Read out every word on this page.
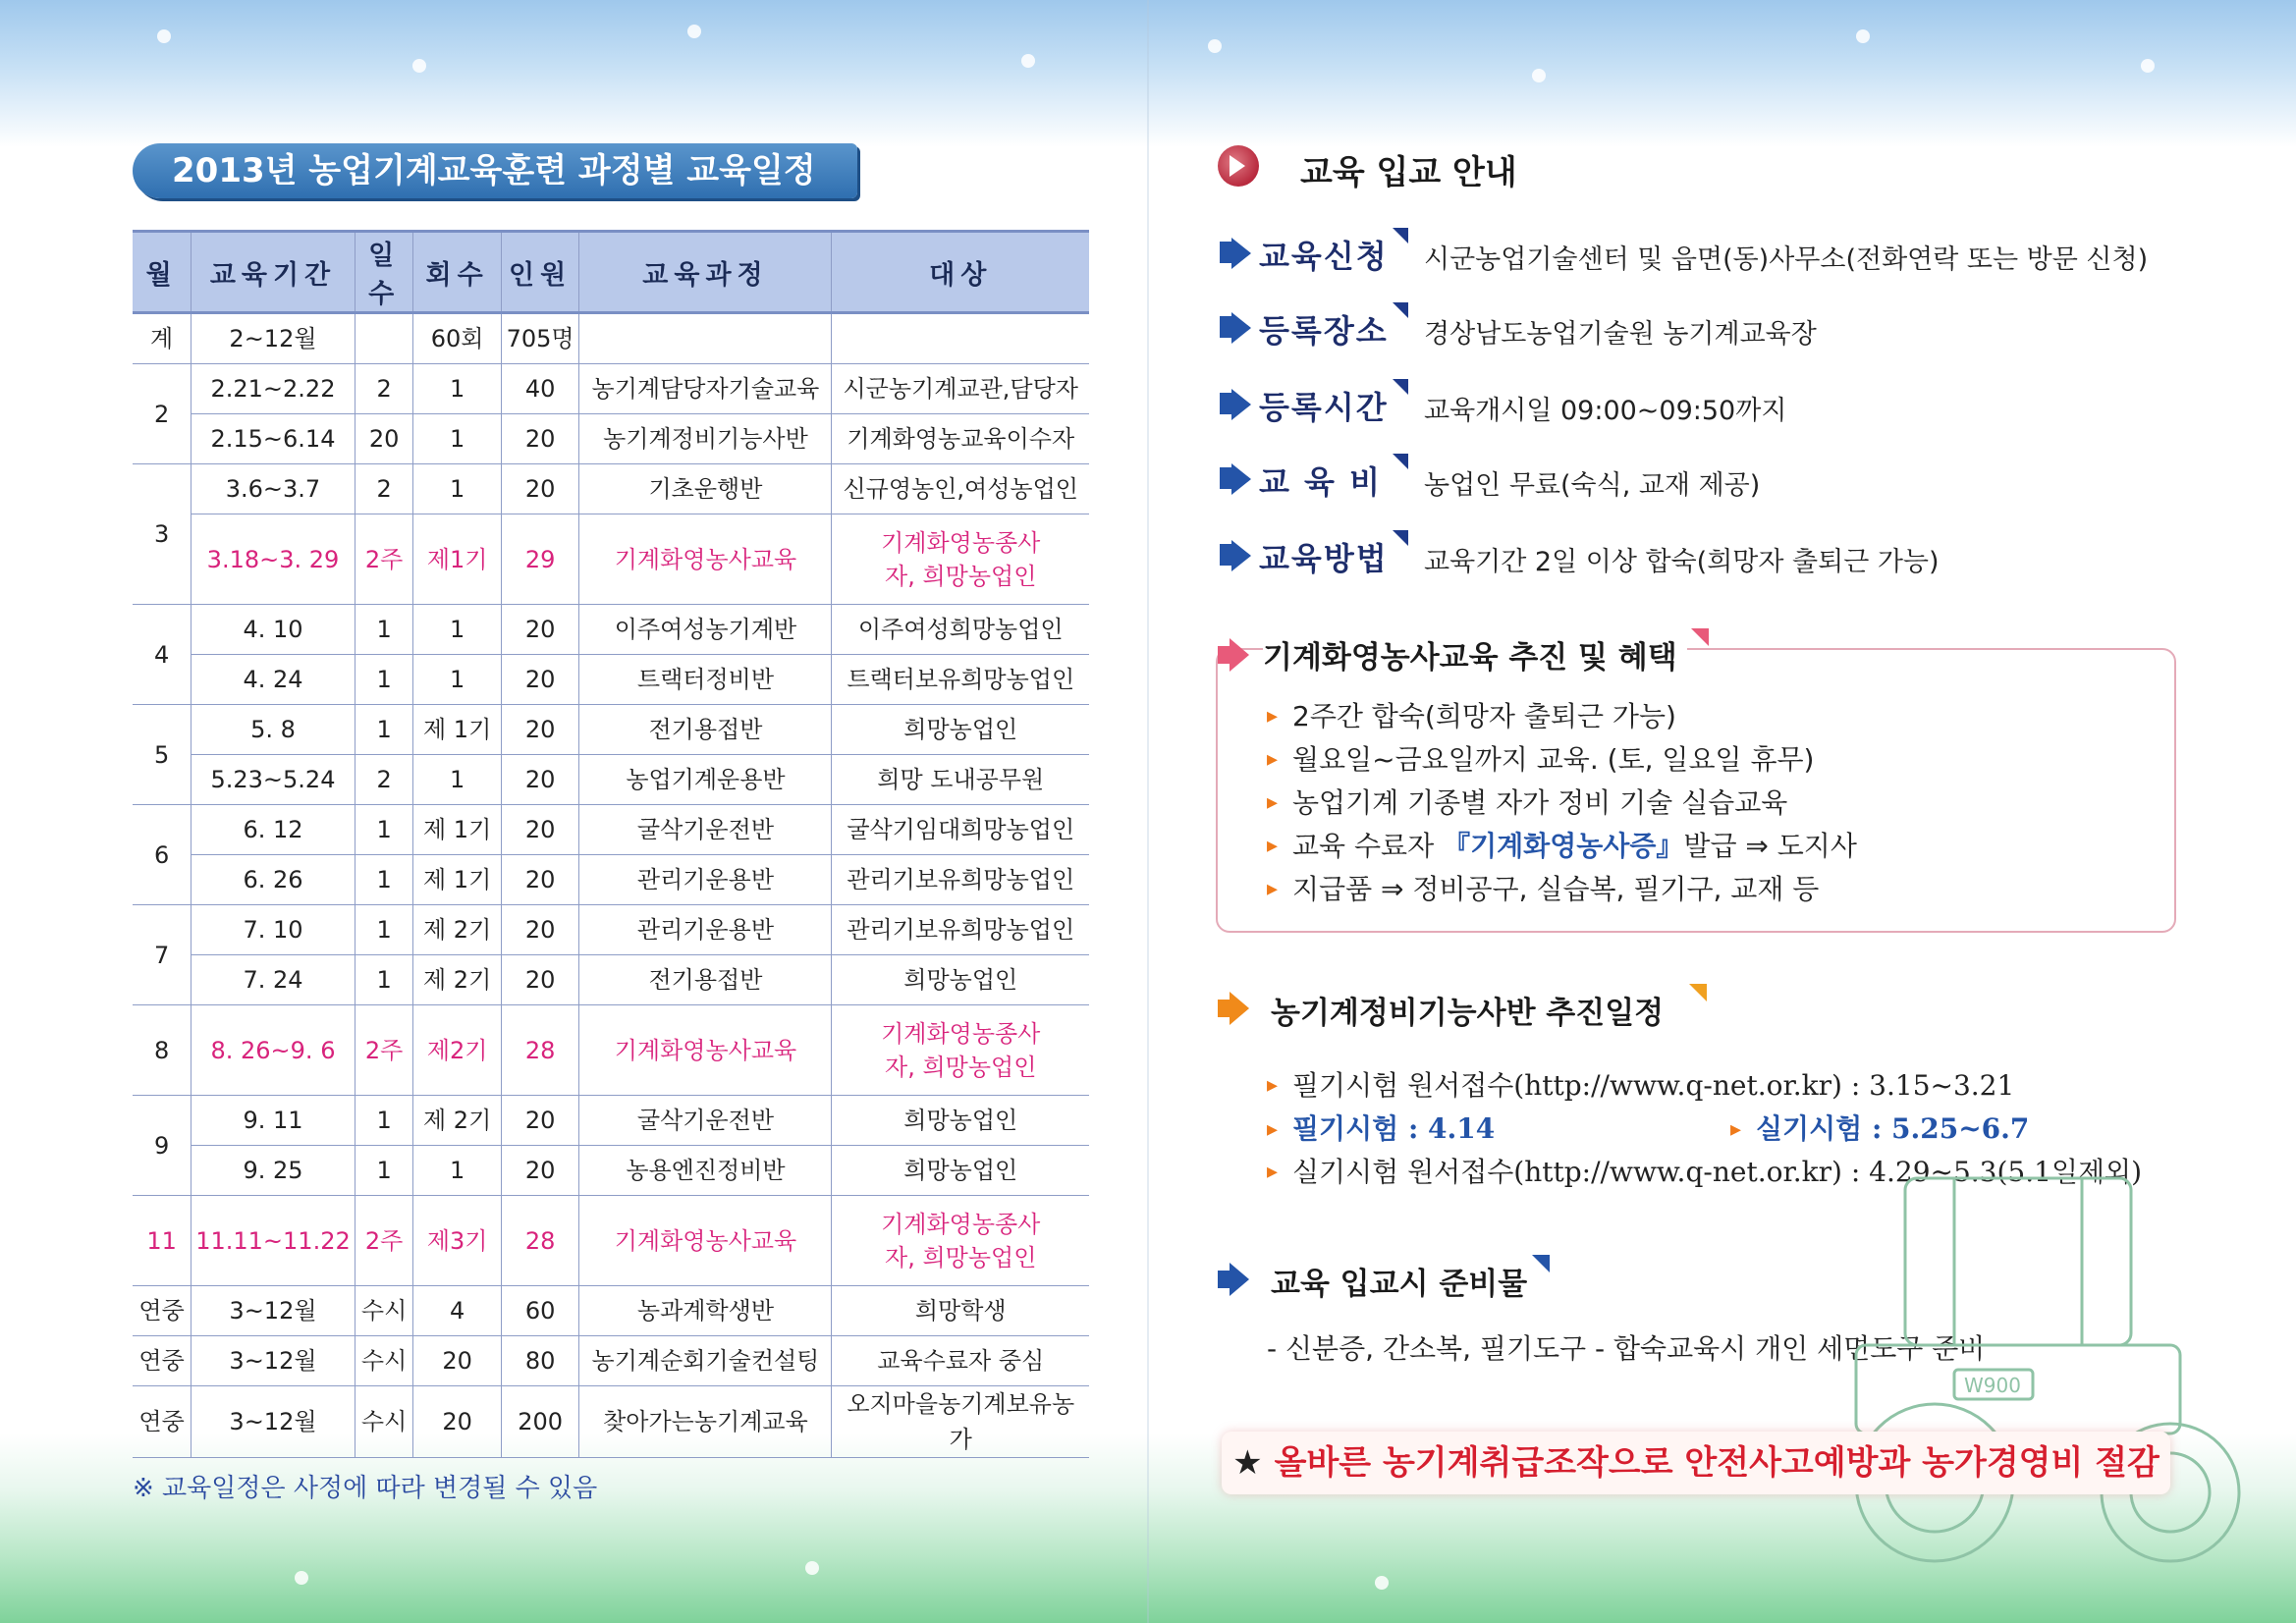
2013년 농업기계교육훈련 과정별 교육일정
월	교육기간	일수	회수	인원	교육과정	대상
계	2~12월		60회	705명		
2	2.21~2.22	2	1	40	농기계담당자기술교육	시군농기계교관,담당자
	2.15~6.14	20	1	20	농기계정비기능사반	기계화영농교육이수자
3	3.6~3.7	2	1	20	기초운행반	신규영농인,여성농업인
	3.18~3. 29	2주	제1기	29	기계화영농사교육	기계화영농종사자, 희망농업인
4	4. 10	1	1	20	이주여성농기계반	이주여성희망농업인
	4. 24	1	1	20	트랙터정비반	트랙터보유희망농업인
5	5. 8	1	제 1기	20	전기용접반	희망농업인
	5.23~5.24	2	1	20	농업기계운용반	희망 도내공무원
6	6. 12	1	제 1기	20	굴삭기운전반	굴삭기임대희망농업인
	6. 26	1	제 1기	20	관리기운용반	관리기보유희망농업인
7	7. 10	1	제 2기	20	관리기운용반	관리기보유희망농업인
	7. 24	1	제 2기	20	전기용접반	희망농업인
8	8. 26~9. 6	2주	제2기	28	기계화영농사교육	기계화영농종사자, 희망농업인
9	9. 11	1	제 2기	20	굴삭기운전반	희망농업인
	9. 25	1	1	20	농용엔진정비반	희망농업인
11	11.11~11.22	2주	제3기	28	기계화영농사교육	기계화영농종사자, 희망농업인
연중	3~12월	수시	4	60	농과계학생반	희망학생
연중	3~12월	수시	20	80	농기계순회기술컨설팅	교육수료자 중심
연중	3~12월	수시	20	200	찾아가는농기계교육	오지마을농기계보유농가
※ 교육일정은 사정에 따라 변경될 수 있음
교육 입교 안내
교육신청	시군농업기술센터 및 읍면(동)사무소(전화연락 또는 방문 신청)
등록장소	경상남도농업기술원 농기계교육장
등록시간	교육개시일 09:00~09:50까지
교 육 비	농업인 무료(숙식, 교재 제공)
교육방법	교육기간 2일 이상 합숙(희망자 출퇴근 가능)
기계화영농사교육 추진 및 혜택
▸ 2주간 합숙(희망자 출퇴근 가능)
▸ 월요일~금요일까지 교육. (토, 일요일 휴무)
▸ 농업기계 기종별 자가 정비 기술 실습교육
▸ 교육 수료자 『기계화영농사증』발급 ⇒ 도지사
▸ 지급품 ⇒ 정비공구, 실습복, 필기구, 교재 등
농기계정비기능사반 추진일정
▸ 필기시험 원서접수(http://www.q-net.or.kr) : 3.15~3.21
▸ 필기시험 : 4.14	▸ 실기시험 : 5.25~6.7
▸ 실기시험 원서접수(http://www.q-net.or.kr) : 4.29~5.3(5.1일제외)
교육 입교시 준비물
- 신분증, 간소복, 필기도구 - 합숙교육시 개인 세면도구 준비
W900
★ 올바른 농기계취급조작으로 안전사고예방과 농가경영비 절감
